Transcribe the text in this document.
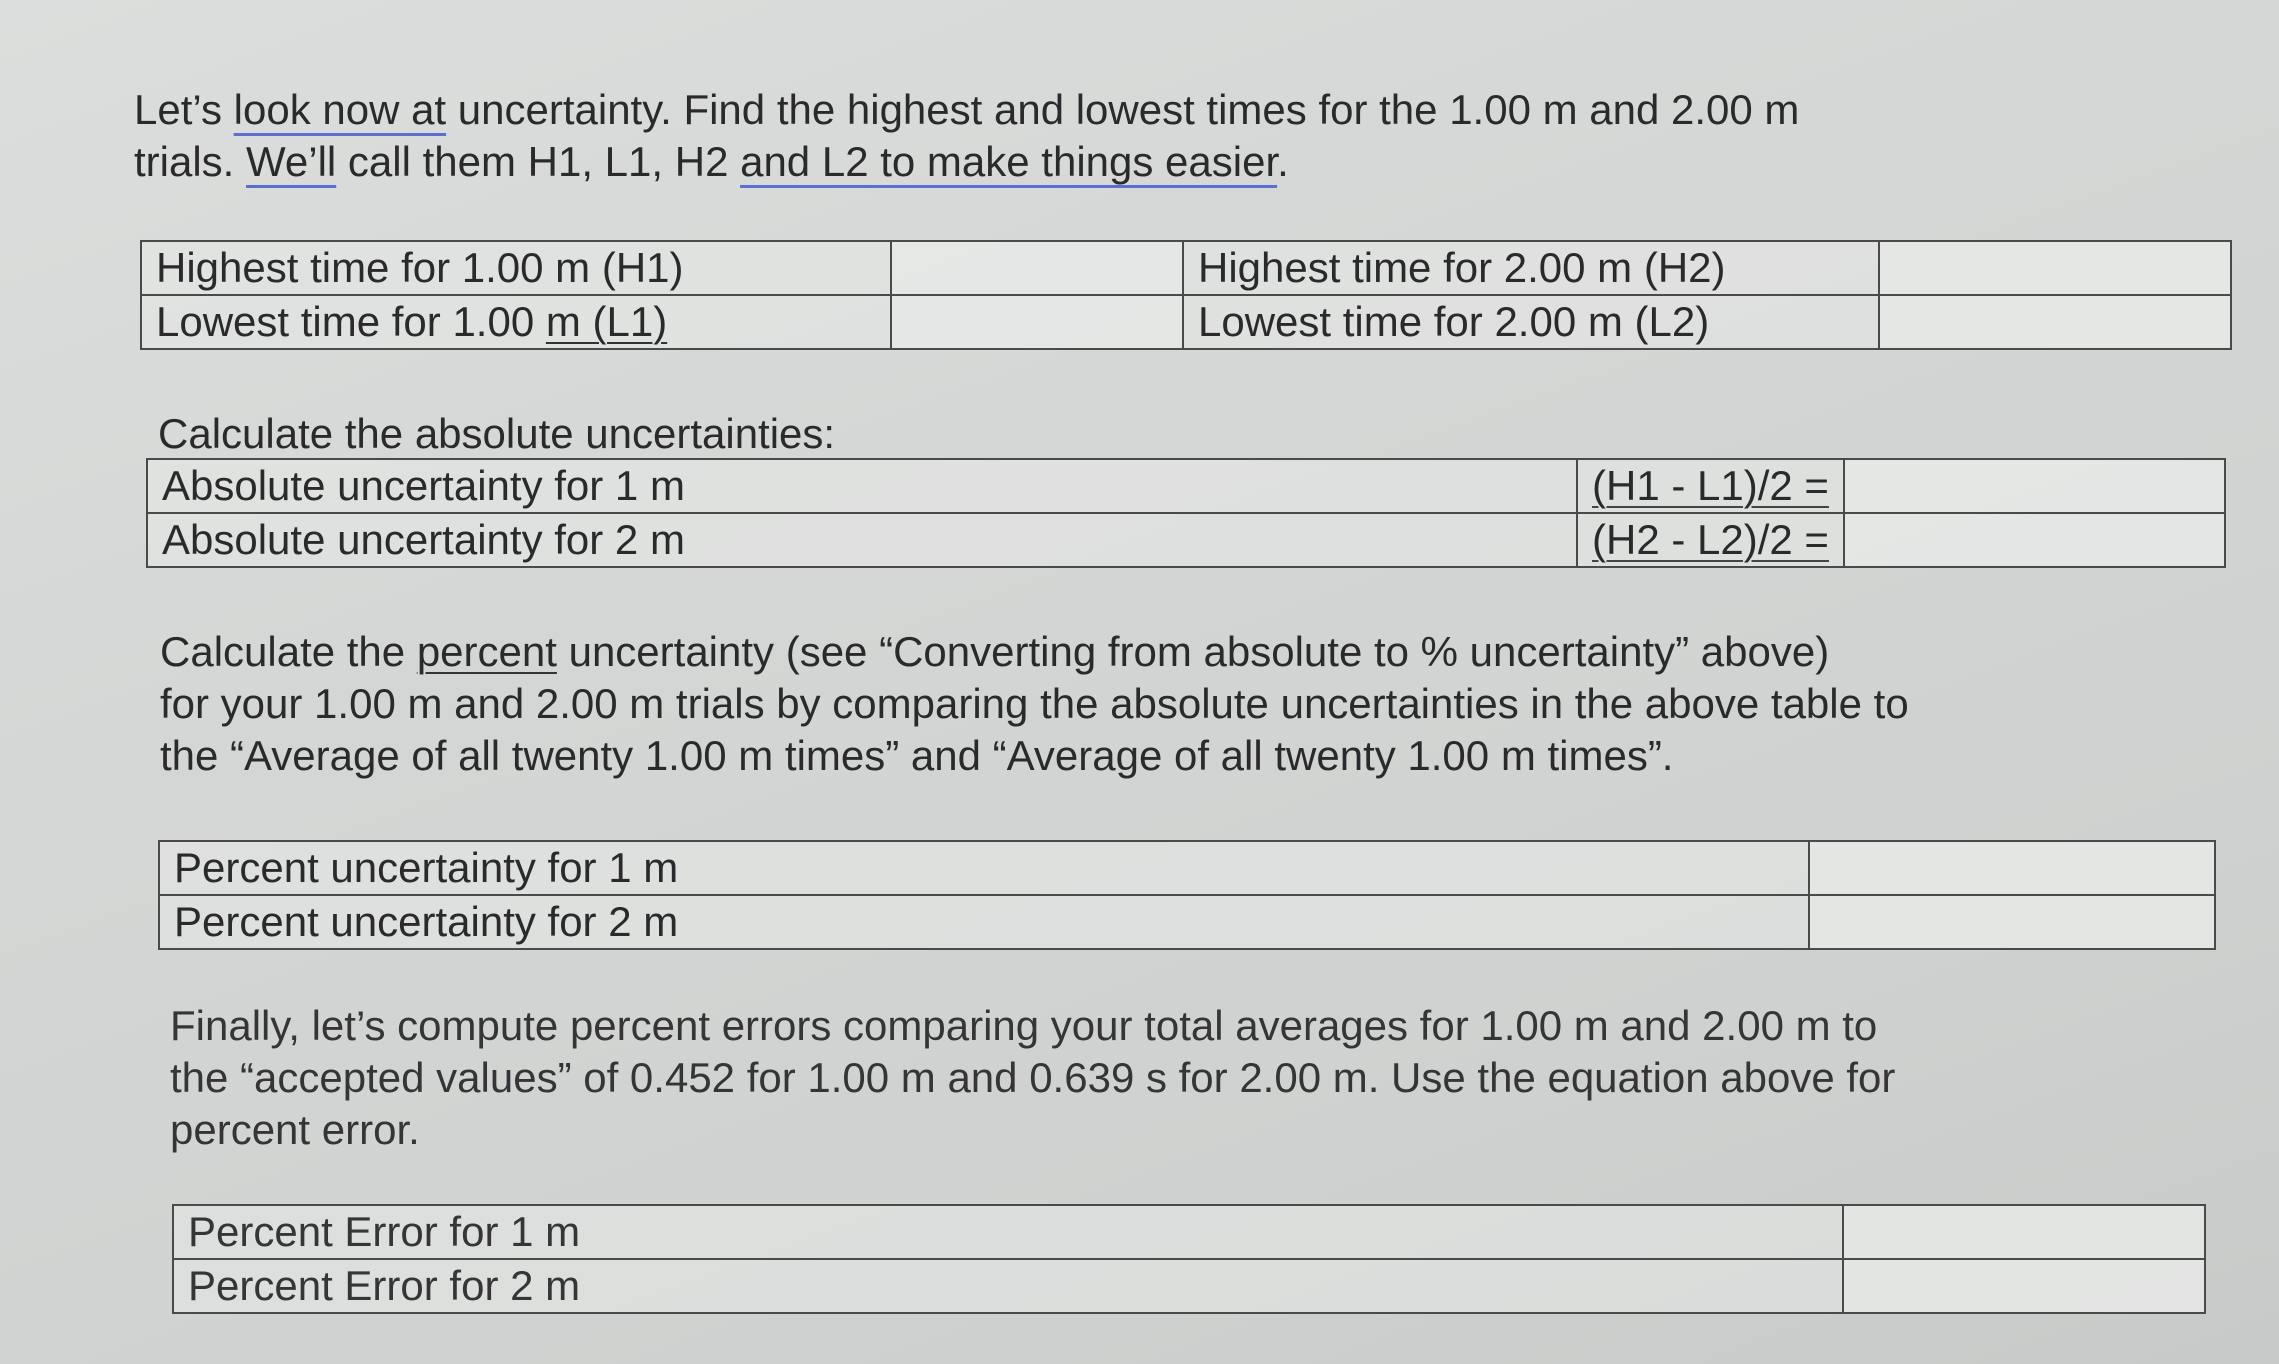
Let’s look now at uncertainty. Find the highest and lowest times for the 1.00 m and 2.00 m
trials. We’ll call them H1, L1, H2 and L2 to make things easier.

Highest time for 1.00 m (H1)		Highest time for 2.00 m (H2)	
Lowest time for 1.00 m (L1)		Lowest time for 2.00 m (L2)	

Calculate the absolute uncertainties:

Absolute uncertainty for 1 m	(H1 - L1)/2 =	
Absolute uncertainty for 2 m	(H2 - L2)/2 =	

Calculate the percent uncertainty (see “Converting from absolute to % uncertainty” above)
for your 1.00 m and 2.00 m trials by comparing the absolute uncertainties in the above table to
the “Average of all twenty 1.00 m times” and “Average of all twenty 1.00 m times”.

Percent uncertainty for 1 m	
Percent uncertainty for 2 m	

Finally, let’s compute percent errors comparing your total averages for 1.00 m and 2.00 m to
the “accepted values” of 0.452 for 1.00 m and 0.639 s for 2.00 m. Use the equation above for
percent error.

Percent Error for 1 m	
Percent Error for 2 m	
